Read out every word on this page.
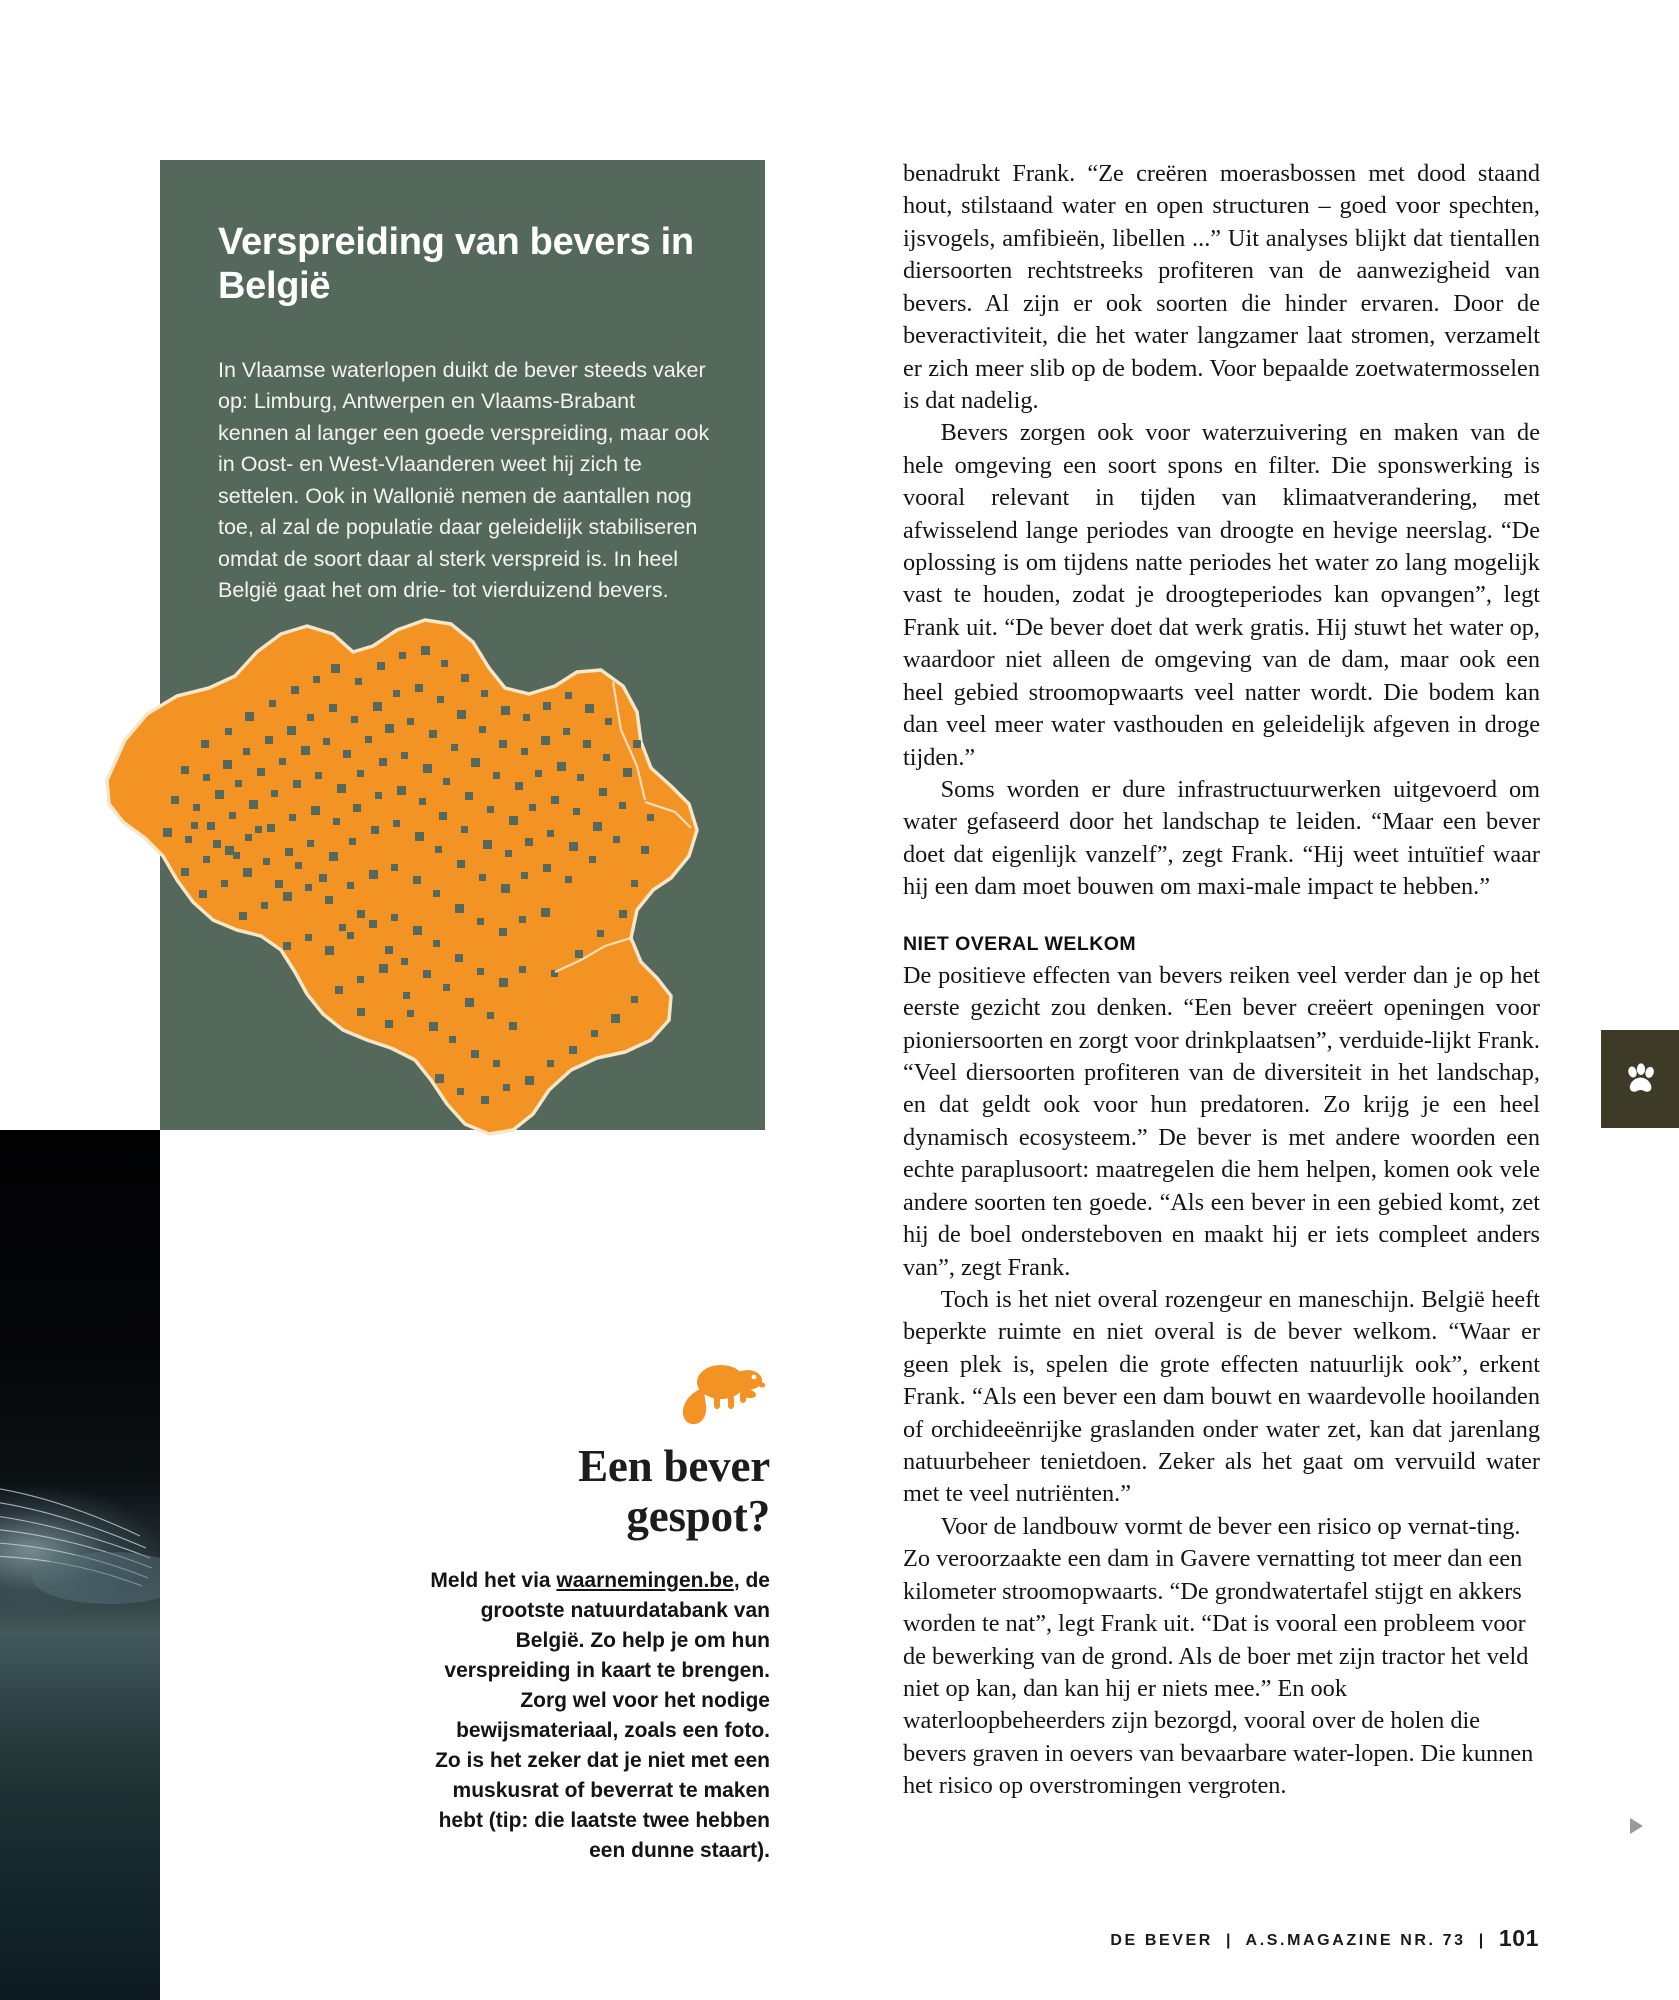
Verspreiding van bevers in België
In Vlaamse waterlopen duikt de bever steeds vaker op: Limburg, Antwerpen en Vlaams-Brabant kennen al langer een goede verspreiding, maar ook in Oost- en West-Vlaanderen weet hij zich te settelen. Ook in Wallonië nemen de aantallen nog toe, al zal de populatie daar geleidelijk stabiliseren omdat de soort daar al sterk verspreid is. In heel België gaat het om drie- tot vierduizend bevers.
Een bever
gespot?
Meld het via waarnemingen.be, de grootste natuurdatabank van België. Zo help je om hun verspreiding in kaart te brengen. Zorg wel voor het nodige bewijsmateriaal, zoals een foto. Zo is het zeker dat je niet met een muskusrat of beverrat te maken hebt (tip: die laatste twee hebben een dunne staart).

benadrukt Frank. “Ze creëren moerasbossen met dood staand hout, stilstaand water en open structuren – goed voor spechten, ijsvogels, amfibieën, libellen ...” Uit analyses blijkt dat tientallen diersoorten rechtstreeks profiteren van de aanwezigheid van bevers. Al zijn er ook soorten die hinder ervaren. Door de beveractiviteit, die het water langzamer laat stromen, verzamelt er zich meer slib op de bodem. Voor bepaalde zoetwatermosselen is dat nadelig.

Bevers zorgen ook voor waterzuivering en maken van de hele omgeving een soort spons en filter. Die sponswerking is vooral relevant in tijden van klimaatverandering, met afwisselend lange periodes van droogte en hevige neerslag. “De oplossing is om tijdens natte periodes het water zo lang mogelijk vast te houden, zodat je droogteperiodes kan opvangen”, legt Frank uit. “De bever doet dat werk gratis. Hij stuwt het water op, waardoor niet alleen de omgeving van de dam, maar ook een heel gebied stroomopwaarts veel natter wordt. Die bodem kan dan veel meer water vasthouden en geleidelijk afgeven in droge tijden.”

Soms worden er dure infrastructuurwerken uitgevoerd om water gefaseerd door het landschap te leiden. “Maar een bever doet dat eigenlijk vanzelf”, zegt Frank. “Hij weet intuïtief waar hij een dam moet bouwen om maxi-male impact te hebben.”

NIET OVERAL WELKOM

De positieve effecten van bevers reiken veel verder dan je op het eerste gezicht zou denken. “Een bever creëert openingen voor pioniersoorten en zorgt voor drinkplaatsen”, verduide-lijkt Frank. “Veel diersoorten profiteren van de diversiteit in het landschap, en dat geldt ook voor hun predatoren. Zo krijg je een heel dynamisch ecosysteem.” De bever is met andere woorden een echte paraplusoort: maatregelen die hem helpen, komen ook vele andere soorten ten goede. “Als een bever in een gebied komt, zet hij de boel ondersteboven en maakt hij er iets compleet anders van”, zegt Frank.

Toch is het niet overal rozengeur en maneschijn. België heeft beperkte ruimte en niet overal is de bever welkom. “Waar er geen plek is, spelen die grote effecten natuurlijk ook”, erkent Frank. “Als een bever een dam bouwt en waardevolle hooilanden of orchideeënrijke graslanden onder water zet, kan dat jarenlang natuurbeheer tenietdoen. Zeker als het gaat om vervuild water met te veel nutriënten.”

Voor de landbouw vormt de bever een risico op vernat-ting. Zo veroorzaakte een dam in Gavere vernatting tot meer dan een kilometer stroomopwaarts. “De grondwatertafel stijgt en akkers worden te nat”, legt Frank uit. “Dat is vooral een probleem voor de bewerking van de grond. Als de boer met zijn tractor het veld niet op kan, dan kan hij er niets mee.” En ook waterloopbeheerders zijn bezorgd, vooral over de holen die bevers graven in oevers van bevaarbare water-lopen. Die kunnen het risico op overstromingen vergroten.

DE BEVER | A.S.MAGAZINE NR. 73 | 101
